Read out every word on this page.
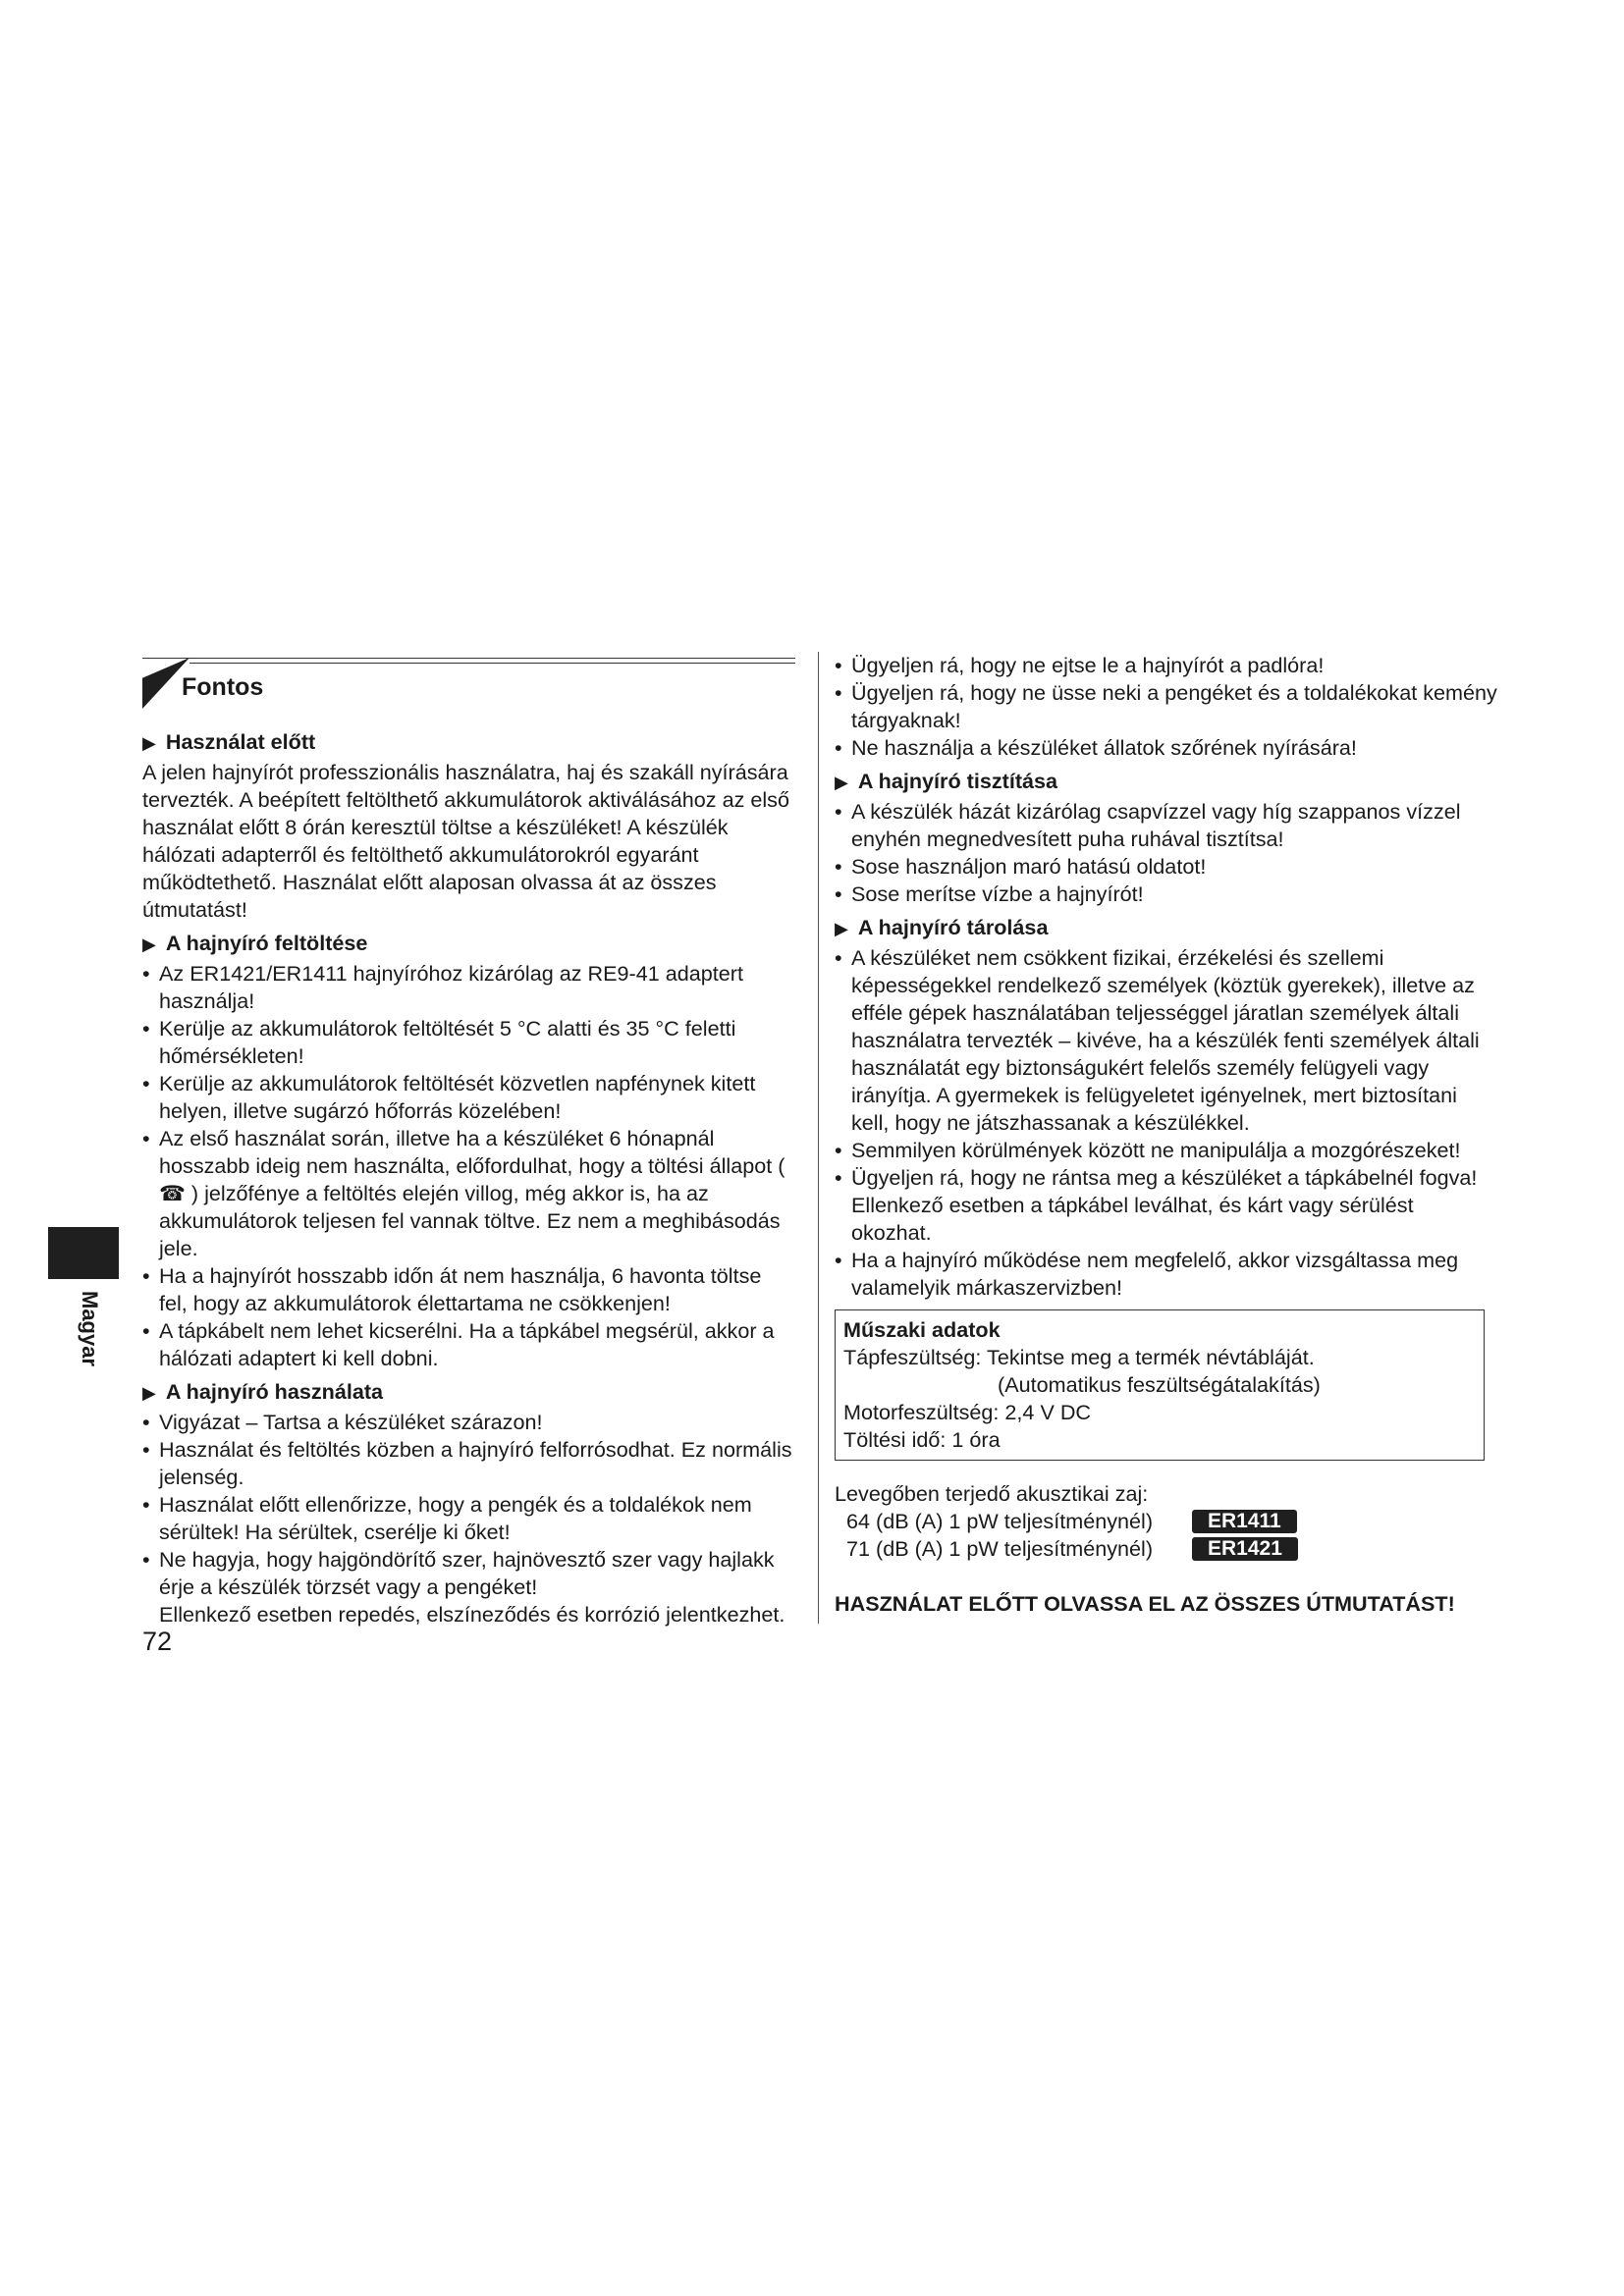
Magyar
Fontos
▶ Használat előtt

A jelen hajnyírót professzionális használatra, haj és szakáll nyírására tervezték. A beépített feltölthető akkumulátorok aktiválásához az első használat előtt 8 órán keresztül töltse a készüléket! A készülék hálózati adapterről és feltölthető akkumulátorokról egyaránt működtethető. Használat előtt alaposan olvassa át az összes útmutatást!

▶ A hajnyíró feltöltése
• Az ER1421/ER1411 hajnyíróhoz kizárólag az RE9-41 adaptert használja!
• Kerülje az akkumulátorok feltöltését 5 °C alatti és 35 °C feletti hőmérsékleten!
• Kerülje az akkumulátorok feltöltését közvetlen napfénynek kitett helyen, illetve sugárzó hőforrás közelében!
• Az első használat során, illetve ha a készüléket 6 hónapnál hosszabb ideig nem használta, előfordulhat, hogy a töltési állapot ( ☎ ) jelzőfénye a feltöltés elején villog, még akkor is, ha az akkumulátorok teljesen fel vannak töltve. Ez nem a meghibásodás jele.
• Ha a hajnyírót hosszabb időn át nem használja, 6 havonta töltse fel, hogy az akkumulátorok élettartama ne csökkenjen!
• A tápkábelt nem lehet kicserélni. Ha a tápkábel megsérül, akkor a hálózati adaptert ki kell dobni.
▶ A hajnyíró használata
• Vigyázat – Tartsa a készüléket szárazon!
• Használat és feltöltés közben a hajnyíró felforrósodhat. Ez normális jelenség.
• Használat előtt ellenőrizze, hogy a pengék és a toldalékok nem sérültek! Ha sérültek, cserélje ki őket!
• Ne hagyja, hogy hajgöndörítő szer, hajnövesztő szer vagy hajlakk érje a készülék törzsét vagy a pengéket!

Ellenkező esetben repedés, elszíneződés és korrózió jelentkezhet.

72
• Ügyeljen rá, hogy ne ejtse le a hajnyírót a padlóra!
• Ügyeljen rá, hogy ne üsse neki a pengéket és a toldalékokat kemény tárgyaknak!
• Ne használja a készüléket állatok szőrének nyírására!
▶ A hajnyíró tisztítása
• A készülék házát kizárólag csapvízzel vagy híg szappanos vízzel enyhén megnedvesített puha ruhával tisztítsa!
• Sose használjon maró hatású oldatot!
• Sose merítse vízbe a hajnyírót!
▶ A hajnyíró tárolása
• A készüléket nem csökkent fizikai, érzékelési és szellemi képességekkel rendelkező személyek (köztük gyerekek), illetve az efféle gépek használatában teljességgel járatlan személyek általi használatra tervezték – kivéve, ha a készülék fenti személyek általi használatát egy biztonságukért felelős személy felügyeli vagy irányítja. A gyermekek is felügyeletet igényelnek, mert biztosítani kell, hogy ne játszhassanak a készülékkel.
• Semmilyen körülmények között ne manipulálja a mozgórészeket!
• Ügyeljen rá, hogy ne rántsa meg a készüléket a tápkábelnél fogva! Ellenkező esetben a tápkábel leválhat, és kárt vagy sérülést okozhat.
• Ha a hajnyíró működése nem megfelelő, akkor vizsgáltassa meg valamelyik márkaszervizben!
Műszaki adatok
Tápfeszültség: Tekintse meg a termék névtábláját.
(Automatikus feszültségátalakítás)
Motorfeszültség: 2,4 V DC
Töltési idő: 1 óra
Levegőben terjedő akusztikai zaj:
64 (dB (A) 1 pW teljesítménynél)	ER1411
71 (dB (A) 1 pW teljesítménynél)	ER1421
HASZNÁLAT ELŐTT OLVASSA EL AZ ÖSSZES ÚTMUTATÁST!
